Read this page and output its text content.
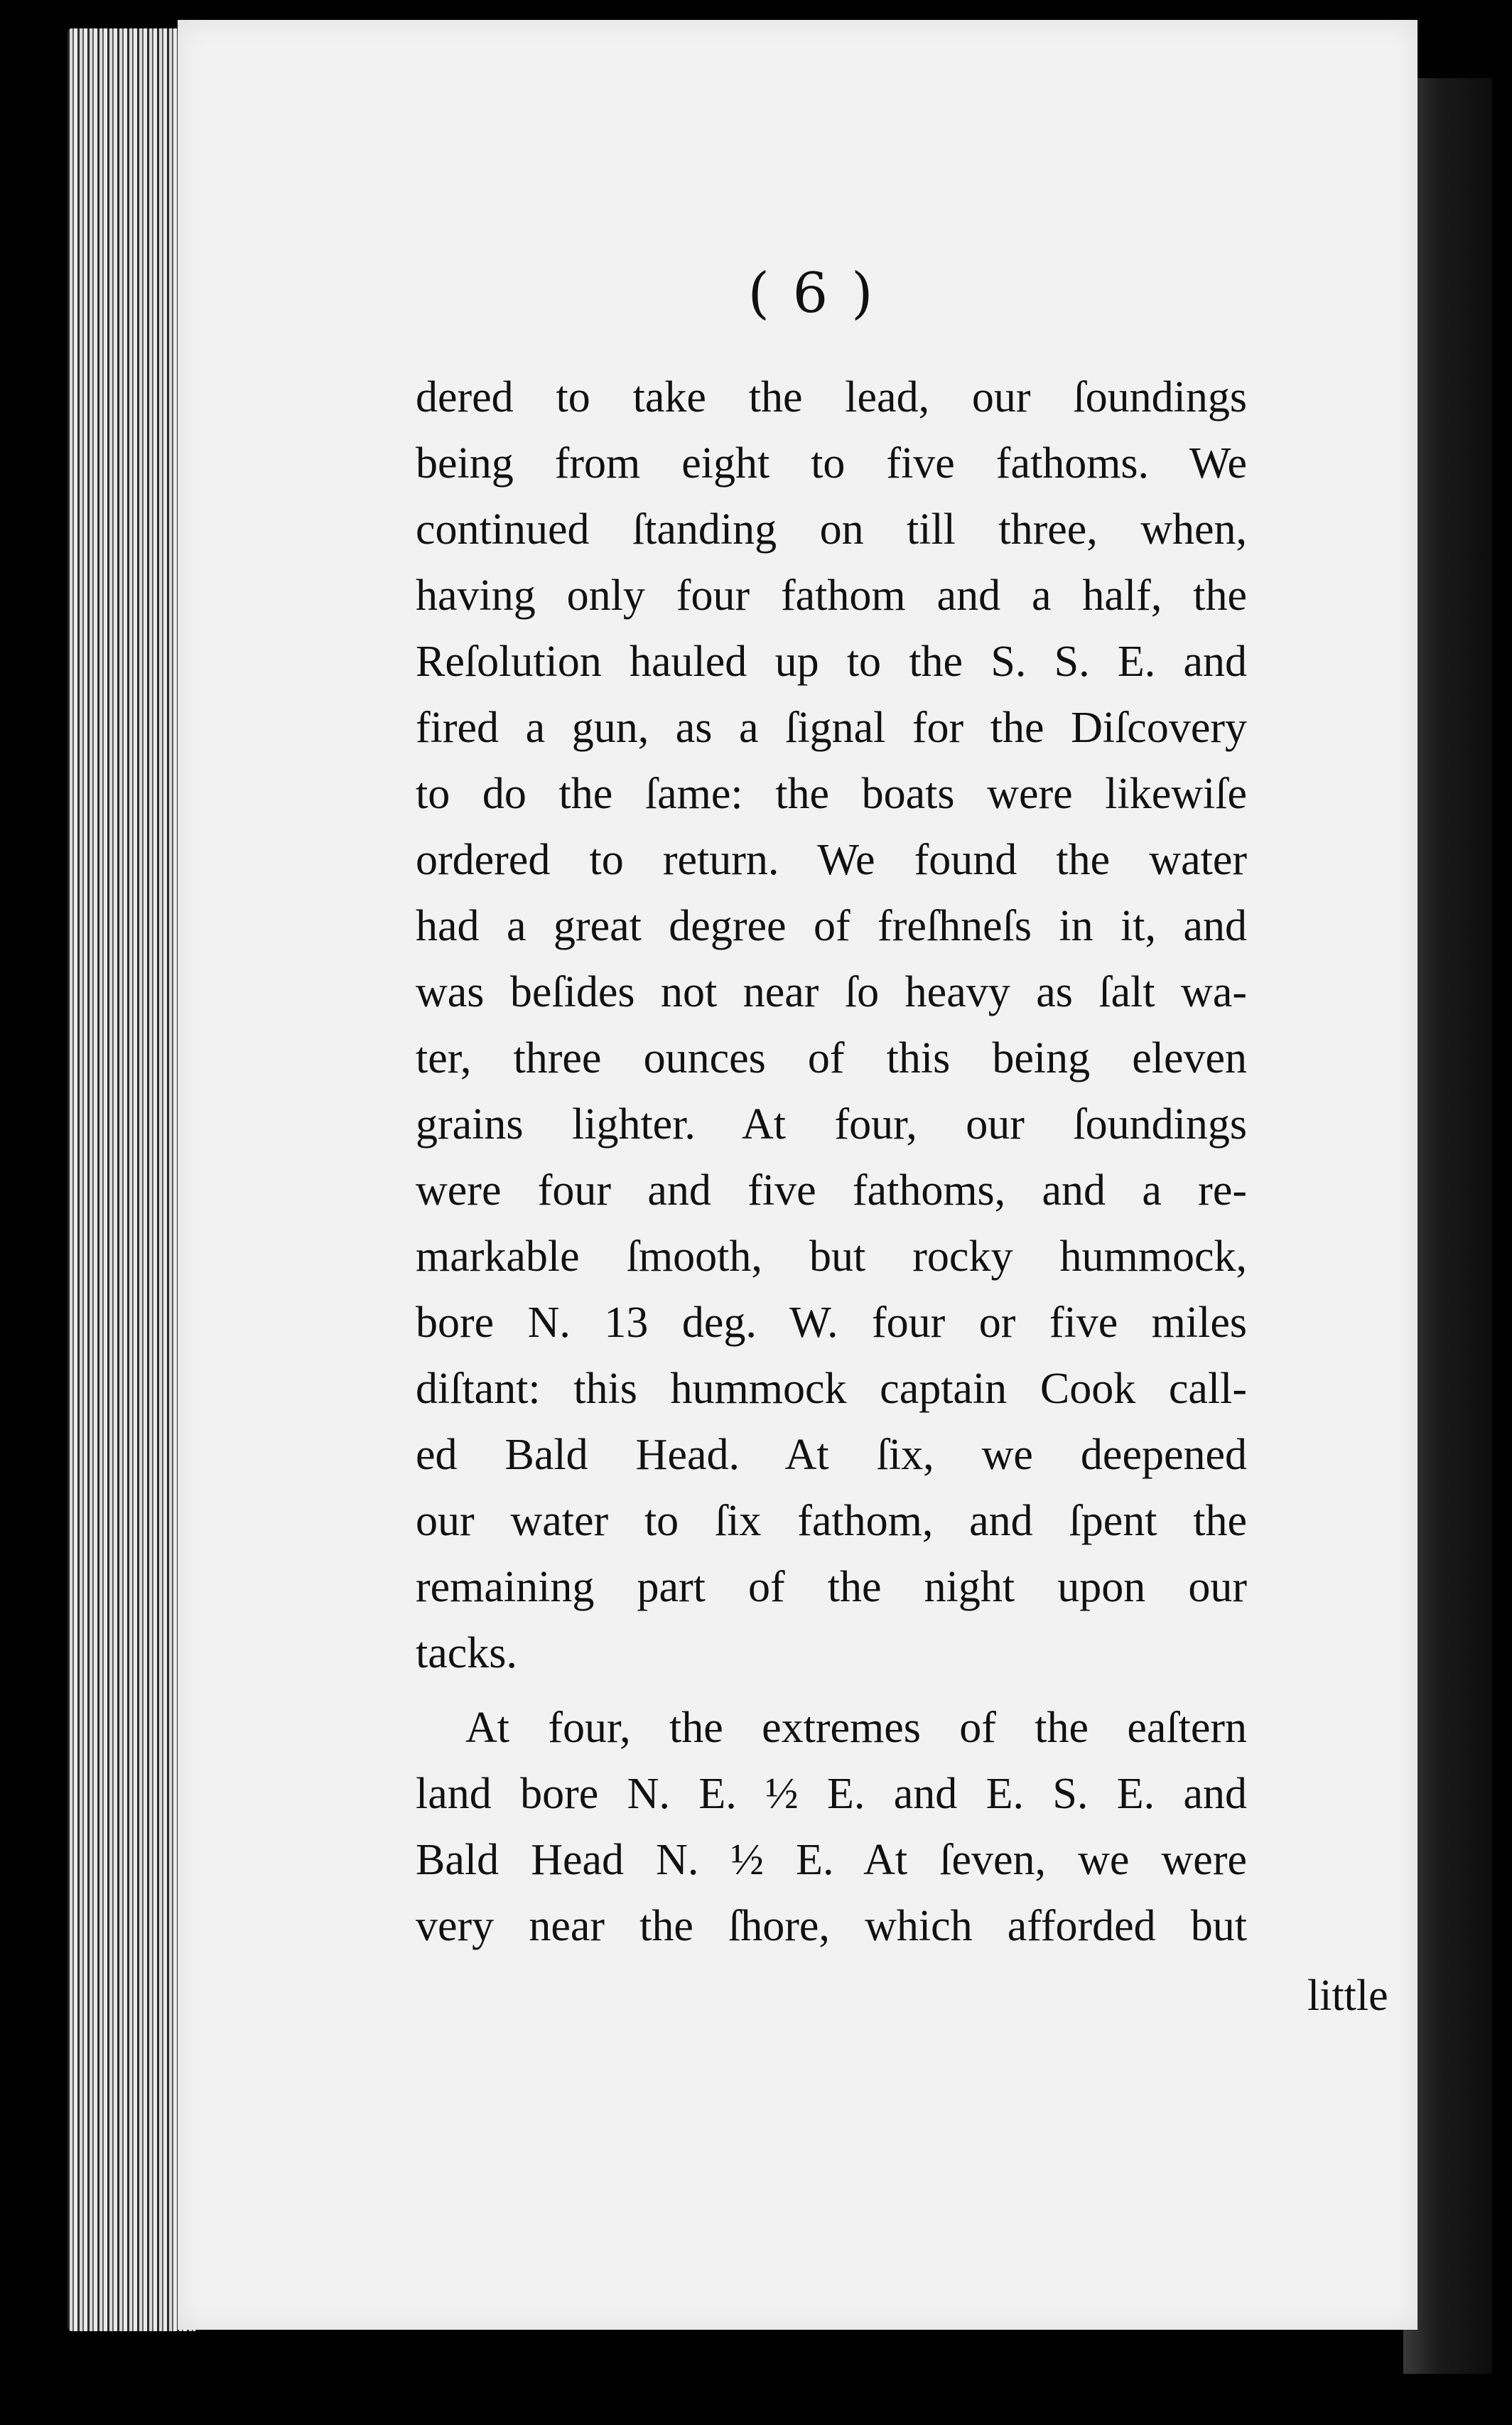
( 6 )
dered to take the lead, our ſoundings
being from eight to five fathoms. We
continued ſtanding on till three, when,
having only four fathom and a half, the
Reſolution hauled up to the S. S. E. and
fired a gun, as a ſignal for the Diſcovery
to do the ſame: the boats were likewiſe
ordered to return. We found the water
had a great degree of freſhneſs in it, and
was beſides not near ſo heavy as ſalt wa-
ter, three ounces of this being eleven
grains lighter. At four, our ſoundings
were four and five fathoms, and a re-
markable ſmooth, but rocky hummock,
bore N. 13 deg. W. four or five miles
diſtant: this hummock captain Cook call-
ed Bald Head. At ſix, we deepened
our water to ſix fathom, and ſpent the
remaining part of the night upon our
tacks.
At four, the extremes of the eaſtern
land bore N. E. ½ E. and E. S. E. and
Bald Head N. ½ E. At ſeven, we were
very near the ſhore, which afforded but
little
